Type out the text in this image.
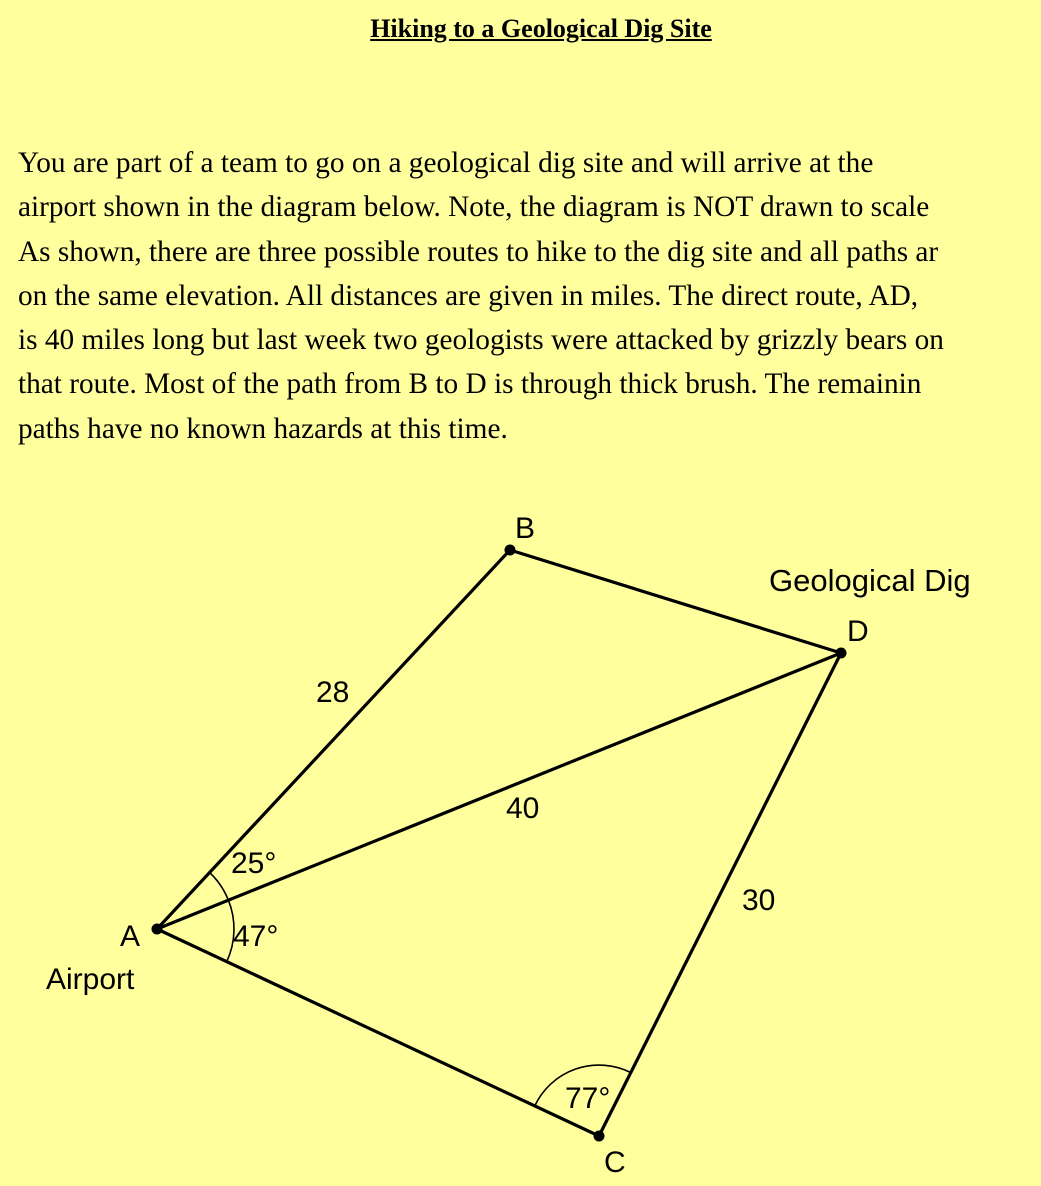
Hiking to a Geological Dig Site
You are part of a team to go on a geological dig site and will arrive at the
airport shown in the diagram below. Note, the diagram is NOT drawn to scale
As shown, there are three possible routes to hike to the dig site and all paths ar
on the same elevation. All distances are given in miles. The direct route, AD,
is 40 miles long but last week two geologists were attacked by grizzly bears on
that route. Most of the path from B to D is through thick brush. The remainin
paths have no known hazards at this time.
A
Airport
B
C
Geological Dig
D
28
40
30
25°
47°
77°
